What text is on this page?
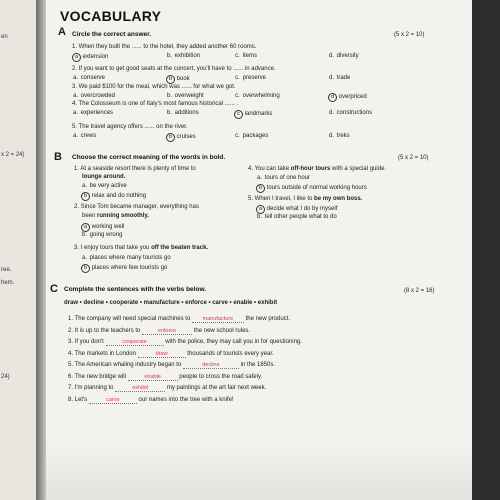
en
x 2 = 24)
ree.
hem.
24)
VOCABULARY
A Circle the correct answer.	(5 x 2 = 10)
B Choose the correct meaning of the words in bold.	(5 x 2 = 10)
1. At a seaside resort there is plenty of time to
lounge around.
a. be very active
b relax and do nothing
2. Since Tom became manager, everything has
been running smoothly.
a working well
b. going wrong
3. I enjoy tours that take you off the beaten track.
a. places where many tourists go
b places where few tourists go
4. You can take off-hour tours with a special guide.
a. tours of one hour
b tours outside of normal working hours
5. When I travel, I like to be my own boss.
a decide what I do by myself
b. tell other people what to do
C Complete the sentences with the verbs below.	(8 x 2 = 16)
draw • decline • cooperate • manufacture • enforce • carve • enable • exhibit
1. When they built the ...... to the hotel, they added another 60 rooms.
a extension	b. exhibition	c. items	d. diversity
2. If you want to get good seats at the concert, you'll have to ...... in advance.
a. conserve	b book	c. preserve	d. trade
3. We paid $100 for the meal, which was ...... for what we got.
a. overcrowded	b. overweight	c. overwhelming	d overpriced
4. The Colosseum is one of Italy's most famous historical ...... .
a. experiences	b. additions	c landmarks	d. constructions
5. The travel agency offers ...... on the river.
a. crews	b cruises	c. packages	d. treks
1. The company will need special machines to manufacture the new product.
2. It is up to the teachers to	enforce	the new school rules.
3. If you don't	cooperate	with the police, they may call you in for questioning.
4. The markets in London	draw	thousands of tourists every year.
5. The American whaling industry began to	decline	in the 1850s.
6. The new bridge will	enable	people to cross the road safely.
7. I'm planning to	exhibit	my paintings at the art fair next week.
8. Let's	carve	our names into the tree with a knife!
